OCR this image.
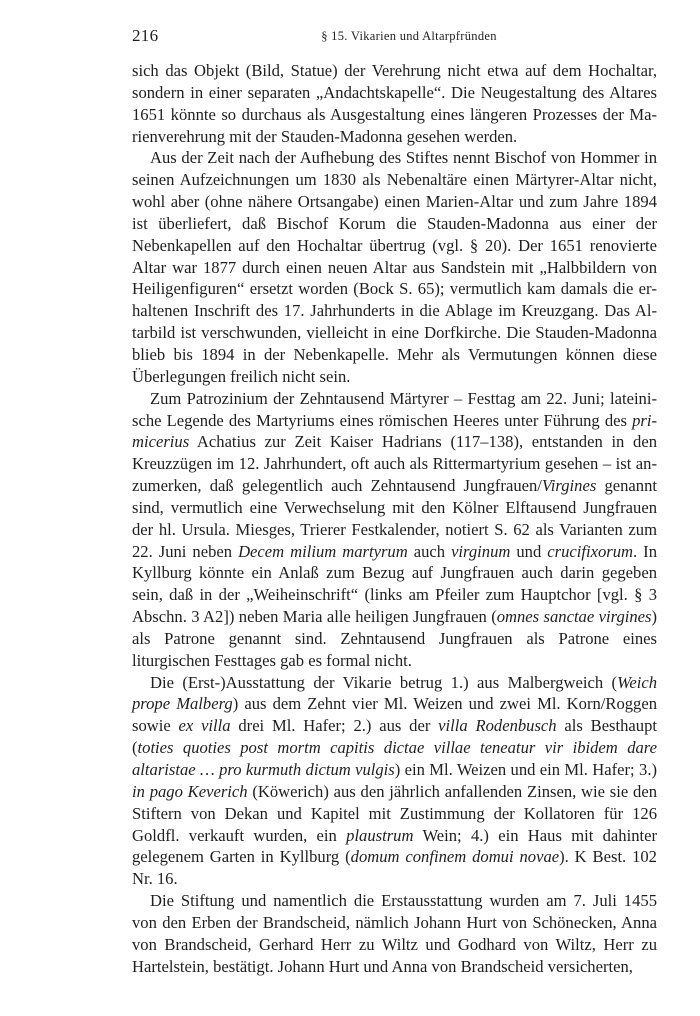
216	§ 15. Vikarien und Altarpfründen

sich das Objekt (Bild, Statue) der Verehrung nicht etwa auf dem Hochaltar, sondern in einer separaten „Andachtskapelle“. Die Neugestaltung des Altares 1651 könnte so durchaus als Ausgestaltung eines längeren Prozesses der Marienverehrung mit der Stauden-Madonna gesehen werden.

Aus der Zeit nach der Aufhebung des Stiftes nennt Bischof von Hommer in seinen Aufzeichnungen um 1830 als Nebenaltäre einen Märtyrer-Altar nicht, wohl aber (ohne nähere Ortsangabe) einen Marien-Altar und zum Jahre 1894 ist überliefert, daß Bischof Korum die Stauden-Madonna aus einer der Nebenkapellen auf den Hochaltar übertrug (vgl. § 20). Der 1651 renovierte Altar war 1877 durch einen neuen Altar aus Sandstein mit „Halbbildern von Heiligenfiguren“ ersetzt worden (Bock S. 65); vermutlich kam damals die erhaltenen Inschrift des 17. Jahrhunderts in die Ablage im Kreuzgang. Das Altarbild ist verschwunden, vielleicht in eine Dorfkirche. Die Stauden-Madonna blieb bis 1894 in der Nebenkapelle. Mehr als Vermutungen können diese Überlegungen freilich nicht sein.

Zum Patrozinium der Zehntausend Märtyrer – Festtag am 22. Juni; lateinische Legende des Martyriums eines römischen Heeres unter Führung des primicerius Achatius zur Zeit Kaiser Hadrians (117–138), entstanden in den Kreuzzügen im 12. Jahrhundert, oft auch als Rittermartyrium gesehen – ist anzumerken, daß gelegentlich auch Zehntausend Jungfrauen/Virgines genannt sind, vermutlich eine Verwechselung mit den Kölner Elftausend Jungfrauen der hl. Ursula. Miesges, Trierer Festkalender, notiert S. 62 als Varianten zum 22. Juni neben Decem milium martyrum auch virginum und crucifixorum. In Kyllburg könnte ein Anlaß zum Bezug auf Jungfrauen auch darin gegeben sein, daß in der „Weiheinschrift“ (links am Pfeiler zum Hauptchor [vgl. § 3 Abschn. 3 A2]) neben Maria alle heiligen Jungfrauen (omnes sanctae virgines) als Patrone genannt sind. Zehntausend Jungfrauen als Patrone eines liturgischen Festtages gab es formal nicht.

Die (Erst-)Ausstattung der Vikarie betrug 1.) aus Malbergweich (Weich prope Malberg) aus dem Zehnt vier Ml. Weizen und zwei Ml. Korn/Roggen sowie ex villa drei Ml. Hafer; 2.) aus der villa Rodenbusch als Besthaupt (toties quoties post mortm capitis dictae villae teneatur vir ibidem dare altaristae … pro kurmuth dictum vulgis) ein Ml. Weizen und ein Ml. Hafer; 3.) in pago Keverich (Köwerich) aus den jährlich anfallenden Zinsen, wie sie den Stiftern von Dekan und Kapitel mit Zustimmung der Kollatoren für 126 Goldfl. verkauft wurden, ein plaustrum Wein; 4.) ein Haus mit dahinter gelegenem Garten in Kyllburg (domum confinem domui novae). K Best. 102 Nr. 16.

Die Stiftung und namentlich die Erstausstattung wurden am 7. Juli 1455 von den Erben der Brandscheid, nämlich Johann Hurt von Schönecken, Anna von Brandscheid, Gerhard Herr zu Wiltz und Godhard von Wiltz, Herr zu Hartelstein, bestätigt. Johann Hurt und Anna von Brandscheid versicherten,
